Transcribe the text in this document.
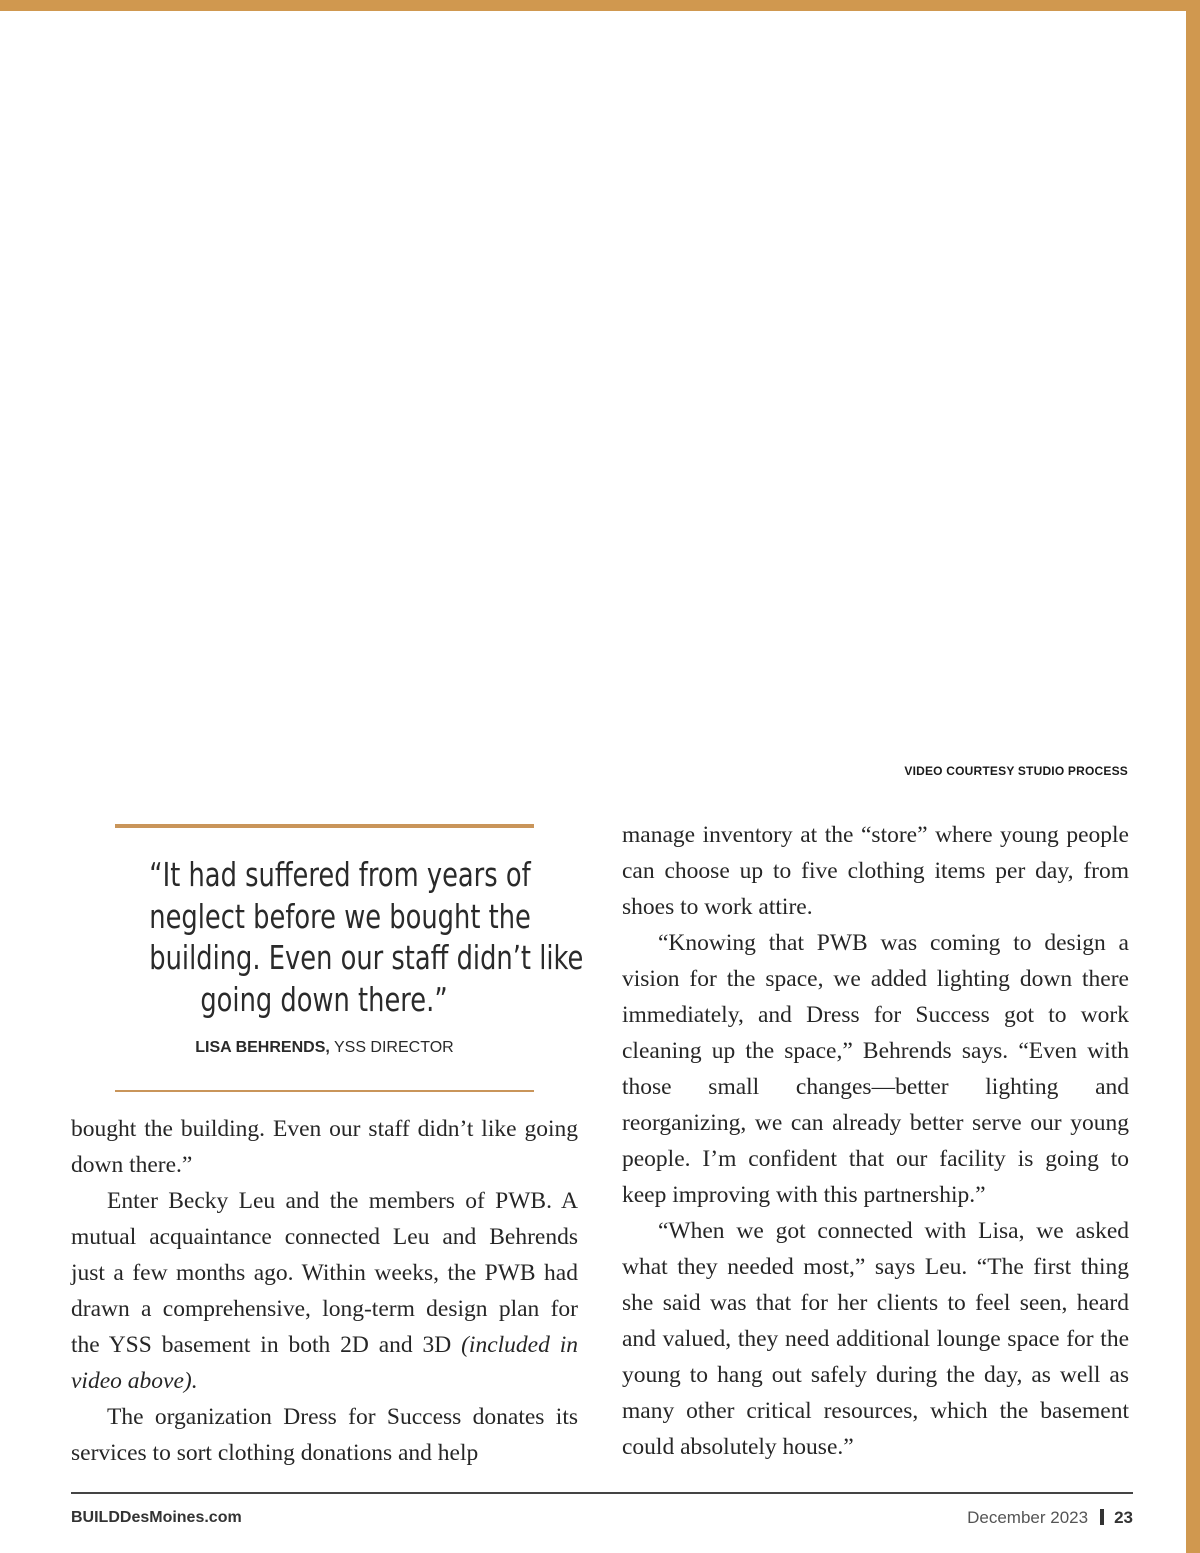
VIDEO COURTESY STUDIO PROCESS
“It had suffered from years of
neglect before we bought the
building. Even our staff didn’t like
going down there.”
LISA BEHRENDS, YSS DIRECTOR

bought the building. Even our staff didn’t like going down there.”

Enter Becky Leu and the members of PWB. A mutual acquaintance connected Leu and Behrends just a few months ago. Within weeks, the PWB had drawn a comprehensive, long-term design plan for the YSS basement in both 2D and 3D (included in video above).

The organization Dress for Success donates its services to sort clothing donations and help

manage inventory at the “store” where young people can choose up to five clothing items per day, from shoes to work attire.

“Knowing that PWB was coming to design a vision for the space, we added lighting down there immediately, and Dress for Success got to work cleaning up the space,” Behrends says. “Even with those small changes—better lighting and reorganizing, we can already better serve our young people. I’m confident that our facility is going to keep improving with this partnership.”

“When we got connected with Lisa, we asked what they needed most,” says Leu. “The first thing she said was that for her clients to feel seen, heard and valued, they need additional lounge space for the young to hang out safely during the day, as well as many other critical resources, which the basement could absolutely house.”

BUILDDesMoines.com	December 2023 23
